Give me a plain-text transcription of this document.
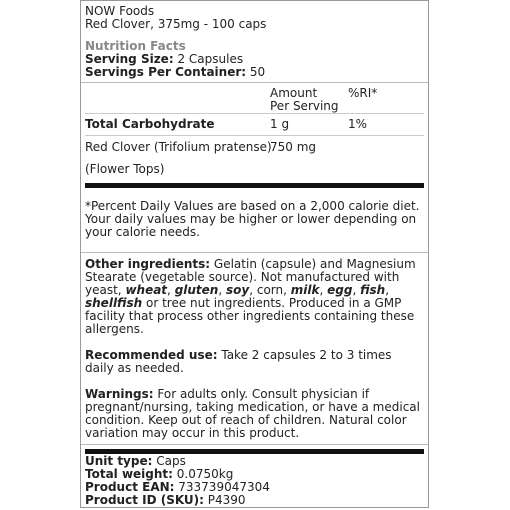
NOW Foods
Red Clover, 375mg - 100 caps
Nutrition Facts
Serving Size: 2 Capsules
Servings Per Container: 50
Amount
Per Serving
%RI*
Total Carbohydrate	1 g	1%
Red Clover (Trifolium pratense)
750 mg
(Flower Tops)
*Percent Daily Values are based on a 2,000 calorie diet. Your daily values may be higher or lower depending on your calorie needs.
Other ingredients: Gelatin (capsule) and Magnesium Stearate (vegetable source). Not manufactured with yeast, wheat, gluten, soy, corn, milk, egg, fish, shellfish or tree nut ingredients. Produced in a GMP facility that process other ingredients containing these allergens.
Recommended use: Take 2 capsules 2 to 3 times daily as needed.
Warnings: For adults only. Consult physician if pregnant/nursing, taking medication, or have a medical condition. Keep out of reach of children. Natural color variation may occur in this product.
Unit type: Caps
Total weight: 0.0750kg
Product EAN: 733739047304
Product ID (SKU): P4390
